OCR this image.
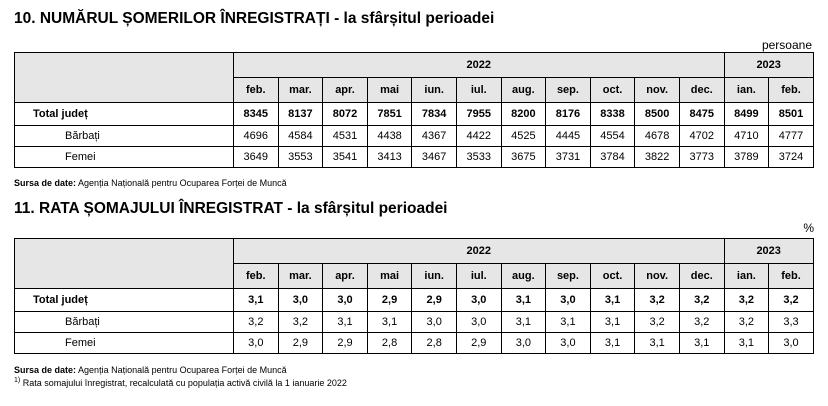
10. NUMĂRUL ȘOMERILOR ÎNREGISTRAȚI - la sfârșitul perioadei
persoane
	2022											2023	
	feb.	mar.	apr.	mai	iun.	iul.	aug.	sep.	oct.	nov.	dec.	ian.	feb.
Total județ	8345	8137	8072	7851	7834	7955	8200	8176	8338	8500	8475	8499	8501
Bărbați	4696	4584	4531	4438	4367	4422	4525	4445	4554	4678	4702	4710	4777
Femei	3649	3553	3541	3413	3467	3533	3675	3731	3784	3822	3773	3789	3724
Sursa de date: Agenția Națională pentru Ocuparea Forței de Muncă
11. RATA ȘOMAJULUI ÎNREGISTRAT - la sfârșitul perioadei
%
	2022											2023	
	feb.	mar.	apr.	mai	iun.	iul.	aug.	sep.	oct.	nov.	dec.	ian.	feb.
Total județ	3,1	3,0	3,0	2,9	2,9	3,0	3,1	3,0	3,1	3,2	3,2	3,2	3,2
Bărbați	3,2	3,2	3,1	3,1	3,0	3,0	3,1	3,1	3,1	3,2	3,2	3,2	3,3
Femei	3,0	2,9	2,9	2,8	2,8	2,9	3,0	3,0	3,1	3,1	3,1	3,1	3,0
Sursa de date: Agenția Națională pentru Ocuparea Forței de Muncă
$^{1)}$ Rata somajului înregistrat, recalculată cu populația activă civilă la 1 ianuarie 2022
